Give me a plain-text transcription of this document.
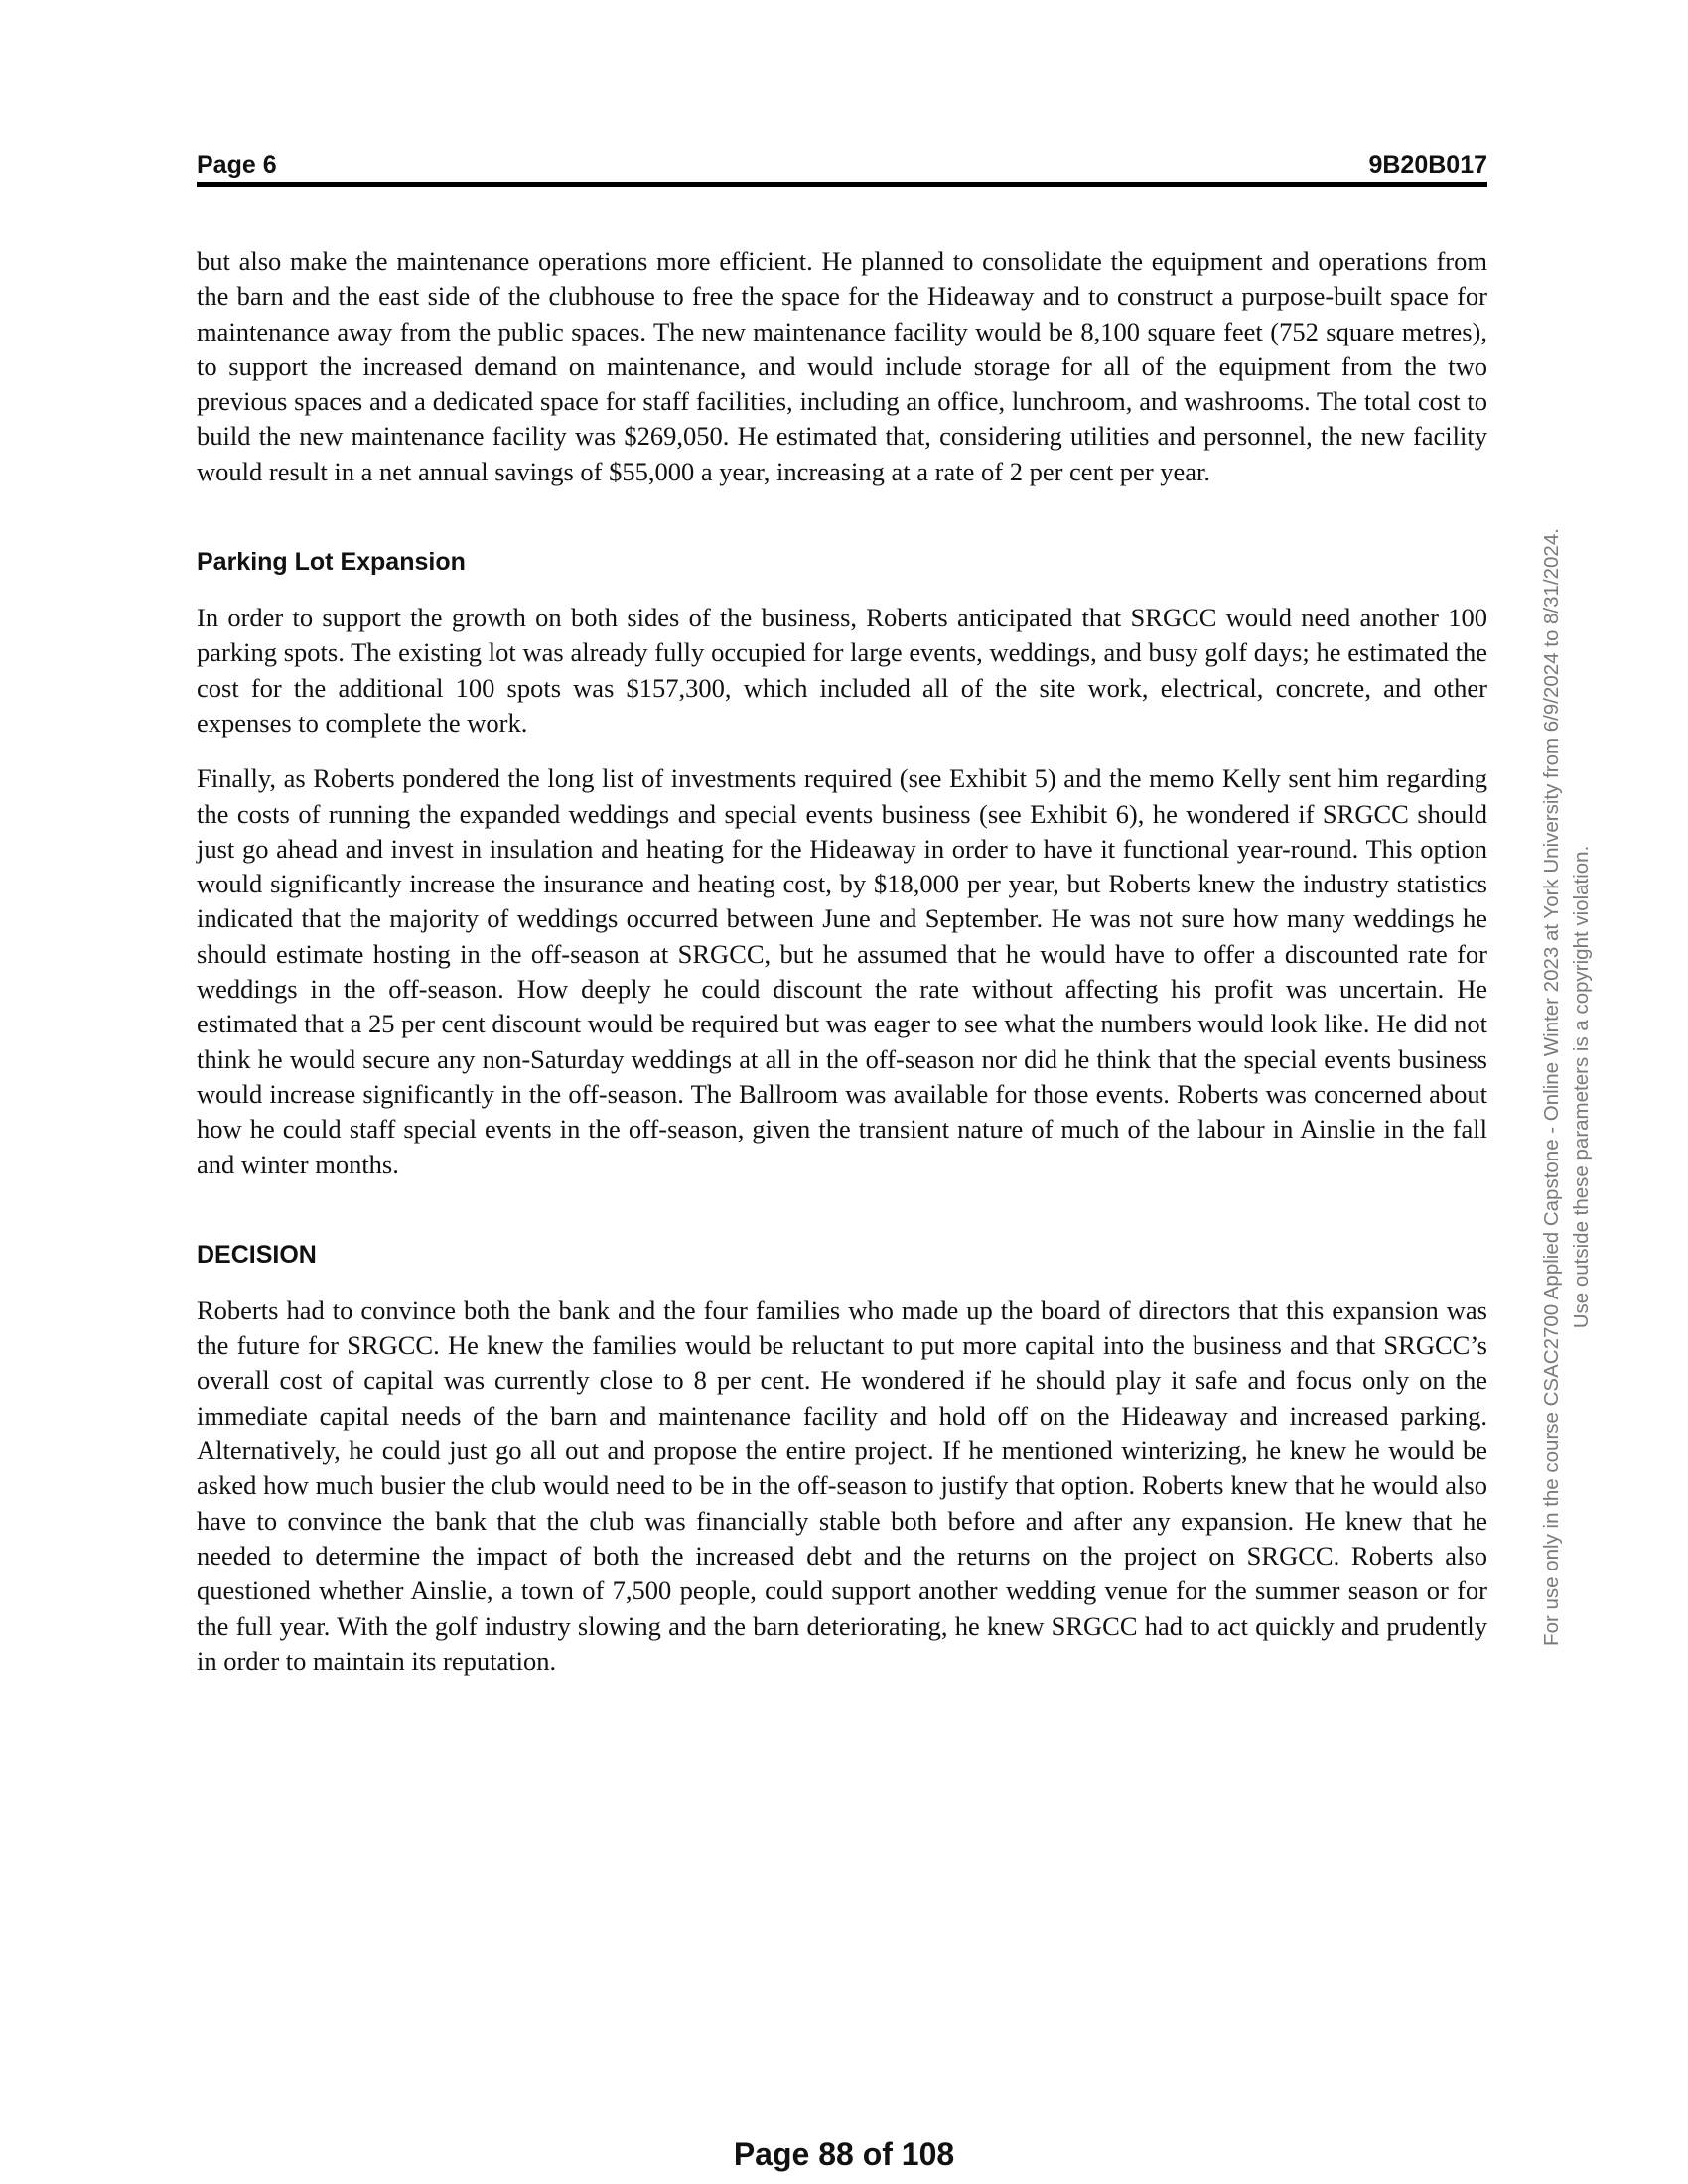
Page 6	9B20B017

but also make the maintenance operations more efficient. He planned to consolidate the equipment and operations from the barn and the east side of the clubhouse to free the space for the Hideaway and to construct a purpose-built space for maintenance away from the public spaces. The new maintenance facility would be 8,100 square feet (752 square metres), to support the increased demand on maintenance, and would include storage for all of the equipment from the two previous spaces and a dedicated space for staff facilities, including an office, lunchroom, and washrooms. The total cost to build the new maintenance facility was $269,050. He estimated that, considering utilities and personnel, the new facility would result in a net annual savings of $55,000 a year, increasing at a rate of 2 per cent per year.

Parking Lot Expansion

In order to support the growth on both sides of the business, Roberts anticipated that SRGCC would need another 100 parking spots. The existing lot was already fully occupied for large events, weddings, and busy golf days; he estimated the cost for the additional 100 spots was $157,300, which included all of the site work, electrical, concrete, and other expenses to complete the work.

Finally, as Roberts pondered the long list of investments required (see Exhibit 5) and the memo Kelly sent him regarding the costs of running the expanded weddings and special events business (see Exhibit 6), he wondered if SRGCC should just go ahead and invest in insulation and heating for the Hideaway in order to have it functional year-round. This option would significantly increase the insurance and heating cost, by $18,000 per year, but Roberts knew the industry statistics indicated that the majority of weddings occurred between June and September. He was not sure how many weddings he should estimate hosting in the off-season at SRGCC, but he assumed that he would have to offer a discounted rate for weddings in the off-season. How deeply he could discount the rate without affecting his profit was uncertain. He estimated that a 25 per cent discount would be required but was eager to see what the numbers would look like. He did not think he would secure any non-Saturday weddings at all in the off-season nor did he think that the special events business would increase significantly in the off-season. The Ballroom was available for those events. Roberts was concerned about how he could staff special events in the off-season, given the transient nature of much of the labour in Ainslie in the fall and winter months.

DECISION

Roberts had to convince both the bank and the four families who made up the board of directors that this expansion was the future for SRGCC. He knew the families would be reluctant to put more capital into the business and that SRGCC’s overall cost of capital was currently close to 8 per cent. He wondered if he should play it safe and focus only on the immediate capital needs of the barn and maintenance facility and hold off on the Hideaway and increased parking. Alternatively, he could just go all out and propose the entire project. If he mentioned winterizing, he knew he would be asked how much busier the club would need to be in the off-season to justify that option. Roberts knew that he would also have to convince the bank that the club was financially stable both before and after any expansion. He knew that he needed to determine the impact of both the increased debt and the returns on the project on SRGCC. Roberts also questioned whether Ainslie, a town of 7,500 people, could support another wedding venue for the summer season or for the full year. With the golf industry slowing and the barn deteriorating, he knew SRGCC had to act quickly and prudently in order to maintain its reputation.

For use only in the course CSAC2700 Applied Capstone - Online Winter 2023 at York University from 6/9/2024 to 8/31/2024. Use outside these parameters is a copyright violation.
Page 88 of 108
